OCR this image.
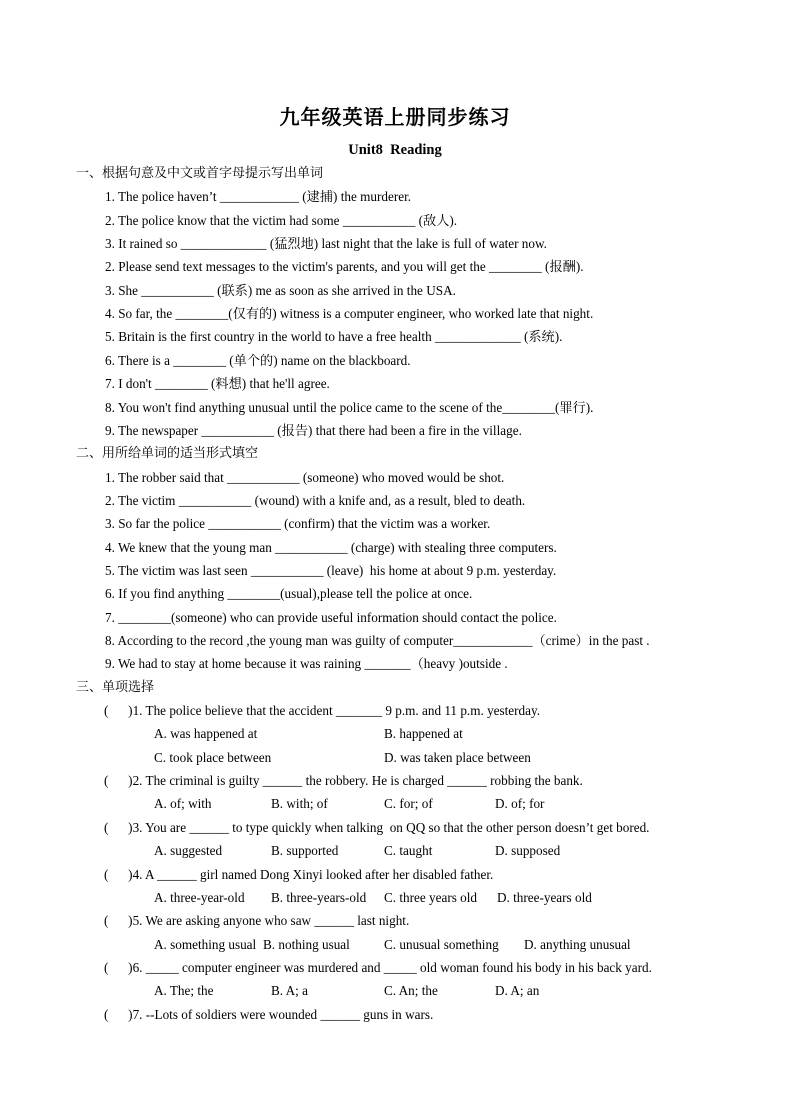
九年级英语上册同步练习
Unit8  Reading
一、根据句意及中文或首字母提示写出单词
1. The police haven’t ____________ (逮捕) the murderer.
2. The police know that the victim had some ___________ (敌人).
3. It rained so _____________ (猛烈地) last night that the lake is full of water now.
2. Please send text messages to the victim's parents, and you will get the ________ (报酬).
3. She ___________ (联系) me as soon as she arrived in the USA.
4. So far, the ________(仅有的) witness is a computer engineer, who worked late that night.
5. Britain is the first country in the world to have a free health _____________ (系统).
6. There is a ________ (单个的) name on the blackboard.
7. I don't ________ (料想) that he'll agree.
8. You won't find anything unusual until the police came to the scene of the________(罪行).
9. The newspaper ___________ (报告) that there had been a fire in the village.
二、用所给单词的适当形式填空
1. The robber said that ___________ (someone) who moved would be shot.
2. The victim ___________ (wound) with a knife and, as a result, bled to death.
3. So far the police ___________ (confirm) that the victim was a worker.
4. We knew that the young man ___________ (charge) with stealing three computers.
5. The victim was last seen ___________ (leave)  his home at about 9 p.m. yesterday.
6. If you find anything ________(usual),please tell the police at once.
7. ________(someone) who can provide useful information should contact the police.
8. According to the record ,the young man was guilty of computer____________（crime）in the past .
9. We had to stay at home because it was raining _______（heavy )outside .
三、单项选择
(      )1. The police believe that the accident _______ 9 p.m. and 11 p.m. yesterday.
A. was happened at	B. happened at
C. took place between	D. was taken place between
(      )2. The criminal is guilty ______ the robbery. He is charged ______ robbing the bank.
A. of; with	B. with; of	C. for; of	D. of; for
(      )3. You are ______ to type quickly when talking  on QQ so that the other person doesn’t get bored.
A. suggested	B. supported	C. taught	D. supposed
(      )4. A ______ girl named Dong Xinyi looked after her disabled father.
A. three-year-old B. three-years-old C. three years old D. three-years old
(      )5. We are asking anyone who saw ______ last night.
A. something usual B. nothing usual	C. unusual something D. anything unusual
(      )6. _____ computer engineer was murdered and _____ old woman found his body in his back yard.
A. The; the	B. A; a	C. An; the	D. A; an
(      )7. --Lots of soldiers were wounded ______ guns in wars.
